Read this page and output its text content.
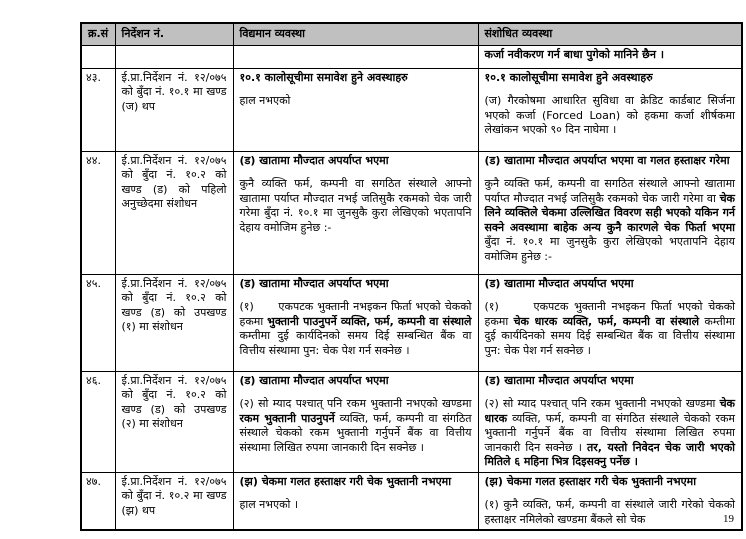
क्र.सं	निर्देशन नं.	विद्यमान व्यवस्था	संशोधित व्यवस्था

			कर्जा नवीकरण गर्न बाधा पुगेको मानिने छैन ।

४३.	ई.प्रा.निर्देशन नं. १२/०७५ को बुँदा नं. १०.१ मा खण्ड (ज) थप	
१०.१ कालोसूचीमा समावेश हुने अवस्थाहरु
हाल नभएको

१०.१ कालोसूचीमा समावेश हुने अवस्थाहरु
(ज) गैरकोषमा आधारित सुविधा वा क्रेडिट कार्डबाट सिर्जना भएको कर्जा (Forced Loan) को हकमा कर्जा शीर्षकमा लेखांकन भएको ९० दिन नाघेमा ।

४४.	ई.प्रा.निर्देशन नं. १२/०७५ को बुँदा नं. १०.२ को खण्ड (ड) को पहिलो अनुच्छेदमा संशोधन	
(ड) खातामा मौज्दात अपर्याप्त भएमा
कुनै व्यक्ति फर्म, कम्पनी वा सगठित संस्थाले आफ्नो खातामा पर्याप्त मौज्दात नभई जतिसुकै रकमको चेक जारी गरेमा बुँदा नं. १०.१ मा जुनसुकै कुरा लेखिएको भएतापनि देहाय वमोजिम हुनेछ :-

(ड) खातामा मौज्दात अपर्याप्त भएमा वा गलत हस्ताक्षर गरेमा
कुनै व्यक्ति फर्म, कम्पनी वा सगठित संस्थाले आफ्नो खातामा पर्याप्त मौज्दात नभई जतिसुकै रकमको चेक जारी गरेमा वा चेक लिने व्यक्तिले चेकमा उल्लिखित विवरण सही भएको यकिन गर्न सक्ने अवस्थामा बाहेक अन्य कुनै कारणले चेक फिर्ता भएमा बुँदा नं. १०.१ मा जुनसुकै कुरा लेखिएको भएतापनि देहाय वमोजिम हुनेछ :-

४५.	ई.प्रा.निर्देशन नं. १२/०७५ को बुँदा नं. १०.२ को खण्ड (ड) को उपखण्ड (१) मा संशोधन	
(ड) खातामा मौज्दात अपर्याप्त भएमा
(१)      एकपटक भुक्तानी नभइकन फिर्ता भएको चेकको हकमा भुक्तानी पाउनुपर्ने व्यक्ति, फर्म, कम्पनी वा संस्थाले कम्तीमा दुई कार्यदिनको समय दिई सम्बन्धित बैंक वा वित्तीय संस्थामा पुन: चेक पेश गर्न सक्नेछ ।

(ड) खातामा मौज्दात अपर्याप्त भएमा
(१)      एकपटक भुक्तानी नभइकन फिर्ता भएको चेकको हकमा चेक धारक व्यक्ति, फर्म, कम्पनी वा संस्थाले कम्तीमा दुई कार्यदिनको समय दिई सम्बन्धित बैंक वा वित्तीय संस्थामा पुन: चेक पेश गर्न सक्नेछ ।

४६.	ई.प्रा.निर्देशन नं. १२/०७५ को बुँदा नं. १०.२ को खण्ड (ड) को उपखण्ड (२) मा संशोधन	
(ड) खातामा मौज्दात अपर्याप्त भएमा
(२) सो म्याद पश्चात् पनि रकम भुक्तानी नभएको खण्डमा रकम भुक्तानी पाउनुपर्ने व्यक्ति, फर्म, कम्पनी वा संगठित संस्थाले चेकको रकम भुक्तानी गर्नुपर्ने बैंक वा वित्तीय संस्थामा लिखित रुपमा जानकारी दिन सक्नेछ ।

(ड) खातामा मौज्दात अपर्याप्त भएमा
(२) सो म्याद पश्चात् पनि रकम भुक्तानी नभएको खण्डमा चेक धारक व्यक्ति, फर्म, कम्पनी वा संगठित संस्थाले चेकको रकम भुक्तानी गर्नुपर्ने बैंक वा वित्तीय संस्थामा लिखित रुपमा जानकारी दिन सक्नेछ । तर, यस्तो निवेदन चेक जारी भएको मितिले ६ महिना भित्र दिइसक्नु पर्नेछ ।

४७.	ई.प्रा.निर्देशन नं. १२/०७५ को बुँदा नं. १०.२ मा खण्ड (झ) थप	
(झ) चेकमा गलत हस्ताक्षर गरी चेक भुक्तानी नभएमा
हाल नभएको ।

(झ) चेकमा गलत हस्ताक्षर गरी चेक भुक्तानी नभएमा
(१) कुनै व्यक्ति, फर्म, कम्पनी वा संस्थाले जारी गरेको चेकको हस्ताक्षर नमिलेको खण्डमा बैंकले सो चेक	19
